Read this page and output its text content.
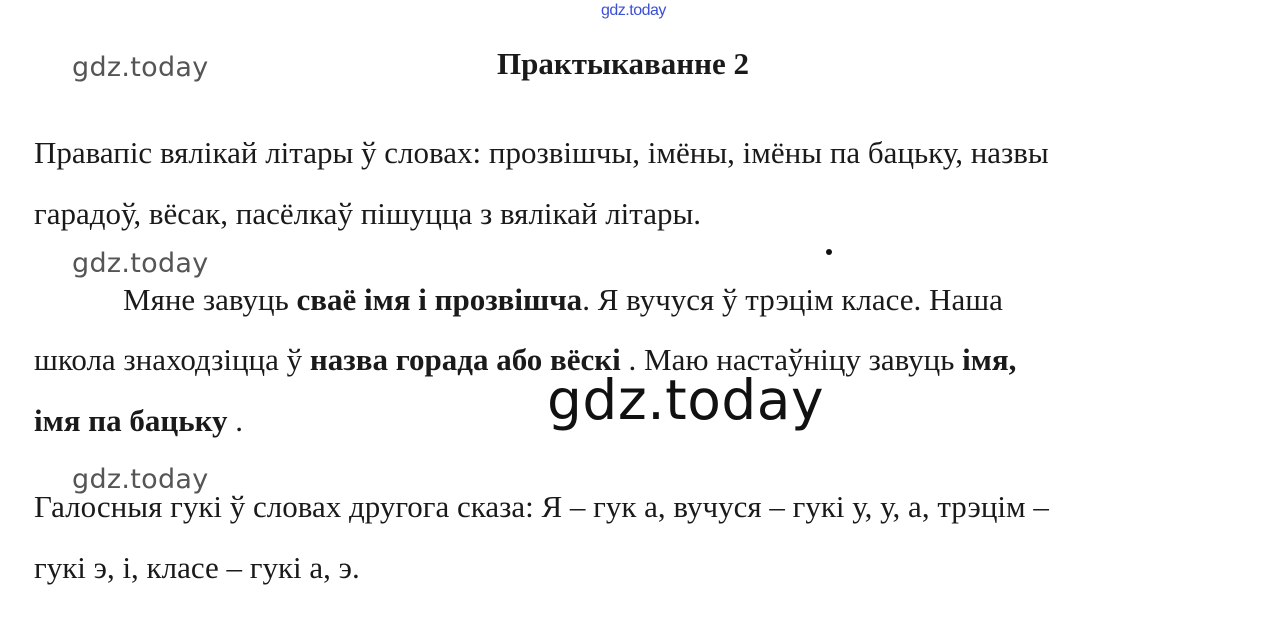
gdz.today
gdz.today	Практыкаванне 2
Правапіс вялікай літары ў словах: прозвішчы, імёны, імёны па бацьку, назвы
гарадоў, вёсак, пасёлкаў пішуцца з вялікай літары.
gdz.today
Мяне завуць сваё імя і прозвішча. Я вучуся ў трэцім класе. Наша
школа знаходзіцца ў назва горада або вёскі . Маю настаўніцу завуць імя,
імя па бацьку .	gdz.today
gdz.today
Галосныя гукі ў словах другога сказа: Я – гук а, вучуся – гукі у, у, а, трэцім –
гукі э, і, класе – гукі а, э.
